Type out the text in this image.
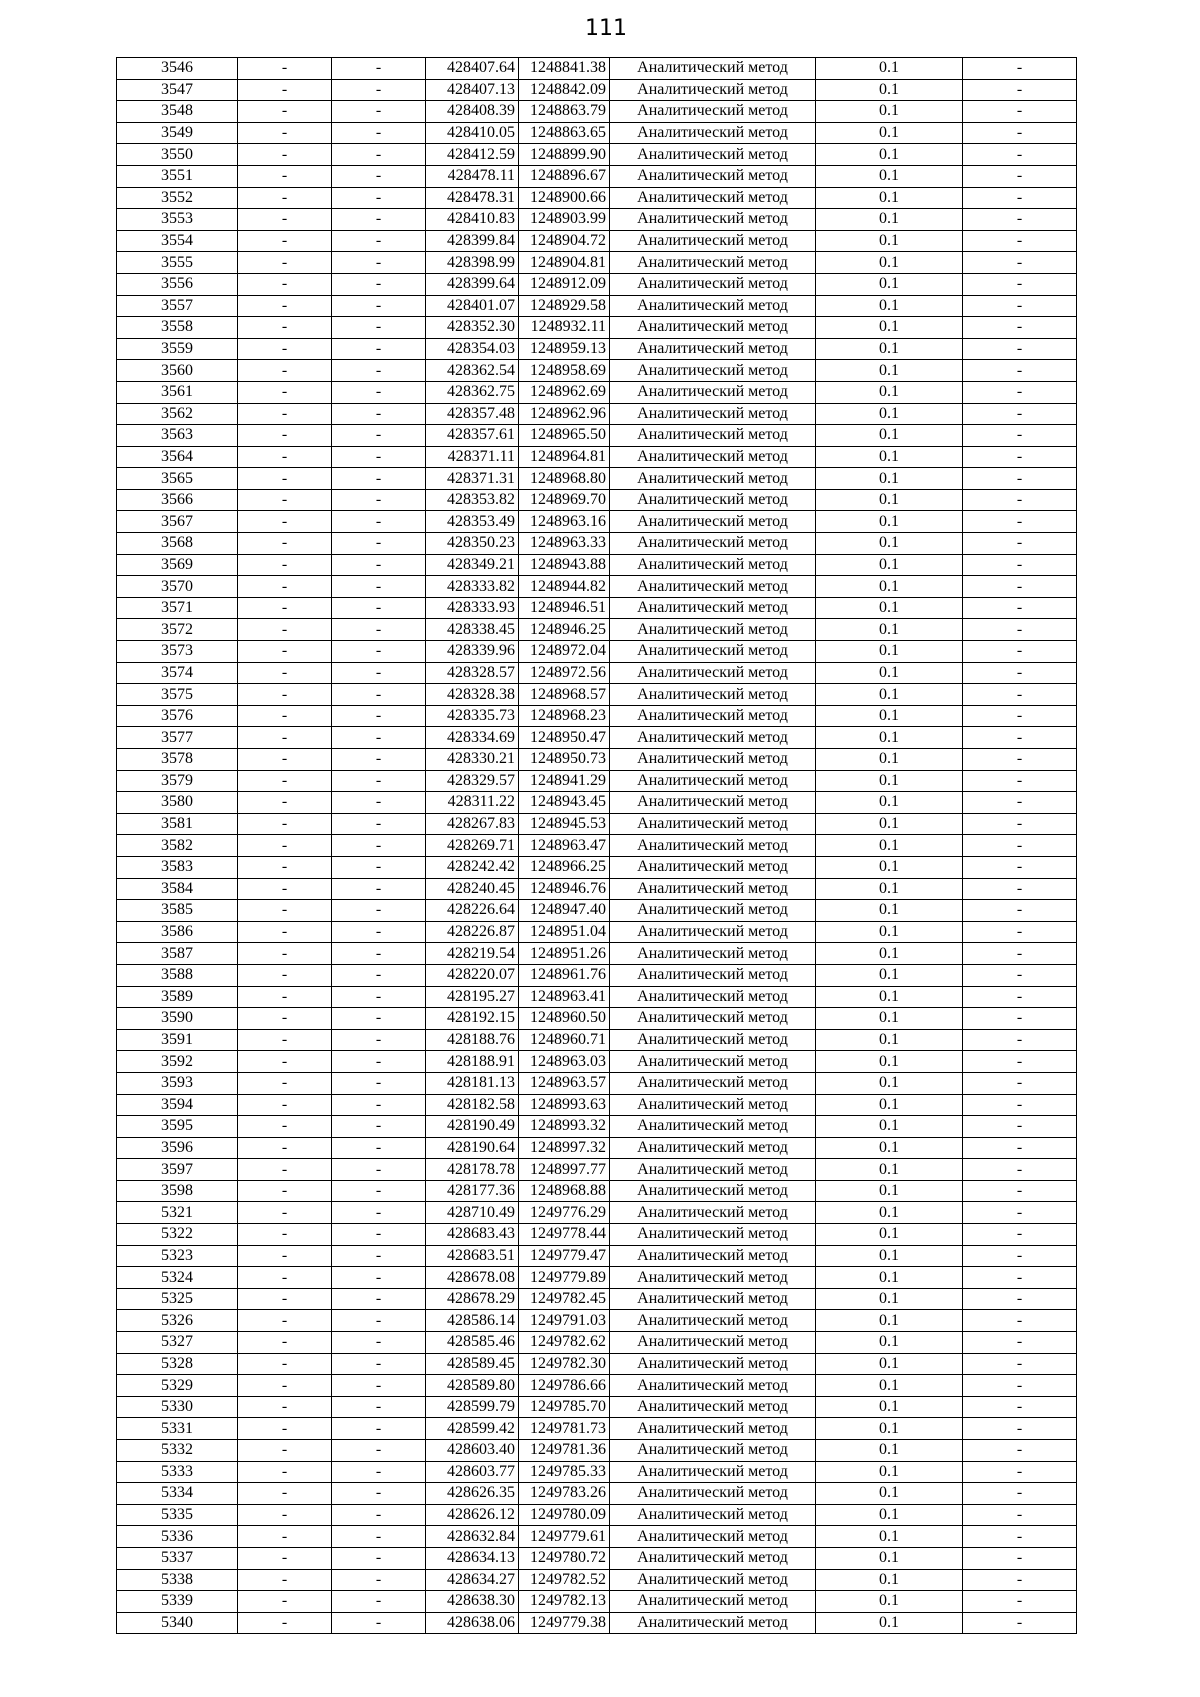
111
3546	-	-	428407.64	1248841.38	Аналитический метод	0.1	-
3547	-	-	428407.13	1248842.09	Аналитический метод	0.1	-
3548	-	-	428408.39	1248863.79	Аналитический метод	0.1	-
3549	-	-	428410.05	1248863.65	Аналитический метод	0.1	-
3550	-	-	428412.59	1248899.90	Аналитический метод	0.1	-
3551	-	-	428478.11	1248896.67	Аналитический метод	0.1	-
3552	-	-	428478.31	1248900.66	Аналитический метод	0.1	-
3553	-	-	428410.83	1248903.99	Аналитический метод	0.1	-
3554	-	-	428399.84	1248904.72	Аналитический метод	0.1	-
3555	-	-	428398.99	1248904.81	Аналитический метод	0.1	-
3556	-	-	428399.64	1248912.09	Аналитический метод	0.1	-
3557	-	-	428401.07	1248929.58	Аналитический метод	0.1	-
3558	-	-	428352.30	1248932.11	Аналитический метод	0.1	-
3559	-	-	428354.03	1248959.13	Аналитический метод	0.1	-
3560	-	-	428362.54	1248958.69	Аналитический метод	0.1	-
3561	-	-	428362.75	1248962.69	Аналитический метод	0.1	-
3562	-	-	428357.48	1248962.96	Аналитический метод	0.1	-
3563	-	-	428357.61	1248965.50	Аналитический метод	0.1	-
3564	-	-	428371.11	1248964.81	Аналитический метод	0.1	-
3565	-	-	428371.31	1248968.80	Аналитический метод	0.1	-
3566	-	-	428353.82	1248969.70	Аналитический метод	0.1	-
3567	-	-	428353.49	1248963.16	Аналитический метод	0.1	-
3568	-	-	428350.23	1248963.33	Аналитический метод	0.1	-
3569	-	-	428349.21	1248943.88	Аналитический метод	0.1	-
3570	-	-	428333.82	1248944.82	Аналитический метод	0.1	-
3571	-	-	428333.93	1248946.51	Аналитический метод	0.1	-
3572	-	-	428338.45	1248946.25	Аналитический метод	0.1	-
3573	-	-	428339.96	1248972.04	Аналитический метод	0.1	-
3574	-	-	428328.57	1248972.56	Аналитический метод	0.1	-
3575	-	-	428328.38	1248968.57	Аналитический метод	0.1	-
3576	-	-	428335.73	1248968.23	Аналитический метод	0.1	-
3577	-	-	428334.69	1248950.47	Аналитический метод	0.1	-
3578	-	-	428330.21	1248950.73	Аналитический метод	0.1	-
3579	-	-	428329.57	1248941.29	Аналитический метод	0.1	-
3580	-	-	428311.22	1248943.45	Аналитический метод	0.1	-
3581	-	-	428267.83	1248945.53	Аналитический метод	0.1	-
3582	-	-	428269.71	1248963.47	Аналитический метод	0.1	-
3583	-	-	428242.42	1248966.25	Аналитический метод	0.1	-
3584	-	-	428240.45	1248946.76	Аналитический метод	0.1	-
3585	-	-	428226.64	1248947.40	Аналитический метод	0.1	-
3586	-	-	428226.87	1248951.04	Аналитический метод	0.1	-
3587	-	-	428219.54	1248951.26	Аналитический метод	0.1	-
3588	-	-	428220.07	1248961.76	Аналитический метод	0.1	-
3589	-	-	428195.27	1248963.41	Аналитический метод	0.1	-
3590	-	-	428192.15	1248960.50	Аналитический метод	0.1	-
3591	-	-	428188.76	1248960.71	Аналитический метод	0.1	-
3592	-	-	428188.91	1248963.03	Аналитический метод	0.1	-
3593	-	-	428181.13	1248963.57	Аналитический метод	0.1	-
3594	-	-	428182.58	1248993.63	Аналитический метод	0.1	-
3595	-	-	428190.49	1248993.32	Аналитический метод	0.1	-
3596	-	-	428190.64	1248997.32	Аналитический метод	0.1	-
3597	-	-	428178.78	1248997.77	Аналитический метод	0.1	-
3598	-	-	428177.36	1248968.88	Аналитический метод	0.1	-
5321	-	-	428710.49	1249776.29	Аналитический метод	0.1	-
5322	-	-	428683.43	1249778.44	Аналитический метод	0.1	-
5323	-	-	428683.51	1249779.47	Аналитический метод	0.1	-
5324	-	-	428678.08	1249779.89	Аналитический метод	0.1	-
5325	-	-	428678.29	1249782.45	Аналитический метод	0.1	-
5326	-	-	428586.14	1249791.03	Аналитический метод	0.1	-
5327	-	-	428585.46	1249782.62	Аналитический метод	0.1	-
5328	-	-	428589.45	1249782.30	Аналитический метод	0.1	-
5329	-	-	428589.80	1249786.66	Аналитический метод	0.1	-
5330	-	-	428599.79	1249785.70	Аналитический метод	0.1	-
5331	-	-	428599.42	1249781.73	Аналитический метод	0.1	-
5332	-	-	428603.40	1249781.36	Аналитический метод	0.1	-
5333	-	-	428603.77	1249785.33	Аналитический метод	0.1	-
5334	-	-	428626.35	1249783.26	Аналитический метод	0.1	-
5335	-	-	428626.12	1249780.09	Аналитический метод	0.1	-
5336	-	-	428632.84	1249779.61	Аналитический метод	0.1	-
5337	-	-	428634.13	1249780.72	Аналитический метод	0.1	-
5338	-	-	428634.27	1249782.52	Аналитический метод	0.1	-
5339	-	-	428638.30	1249782.13	Аналитический метод	0.1	-
5340	-	-	428638.06	1249779.38	Аналитический метод	0.1	-
